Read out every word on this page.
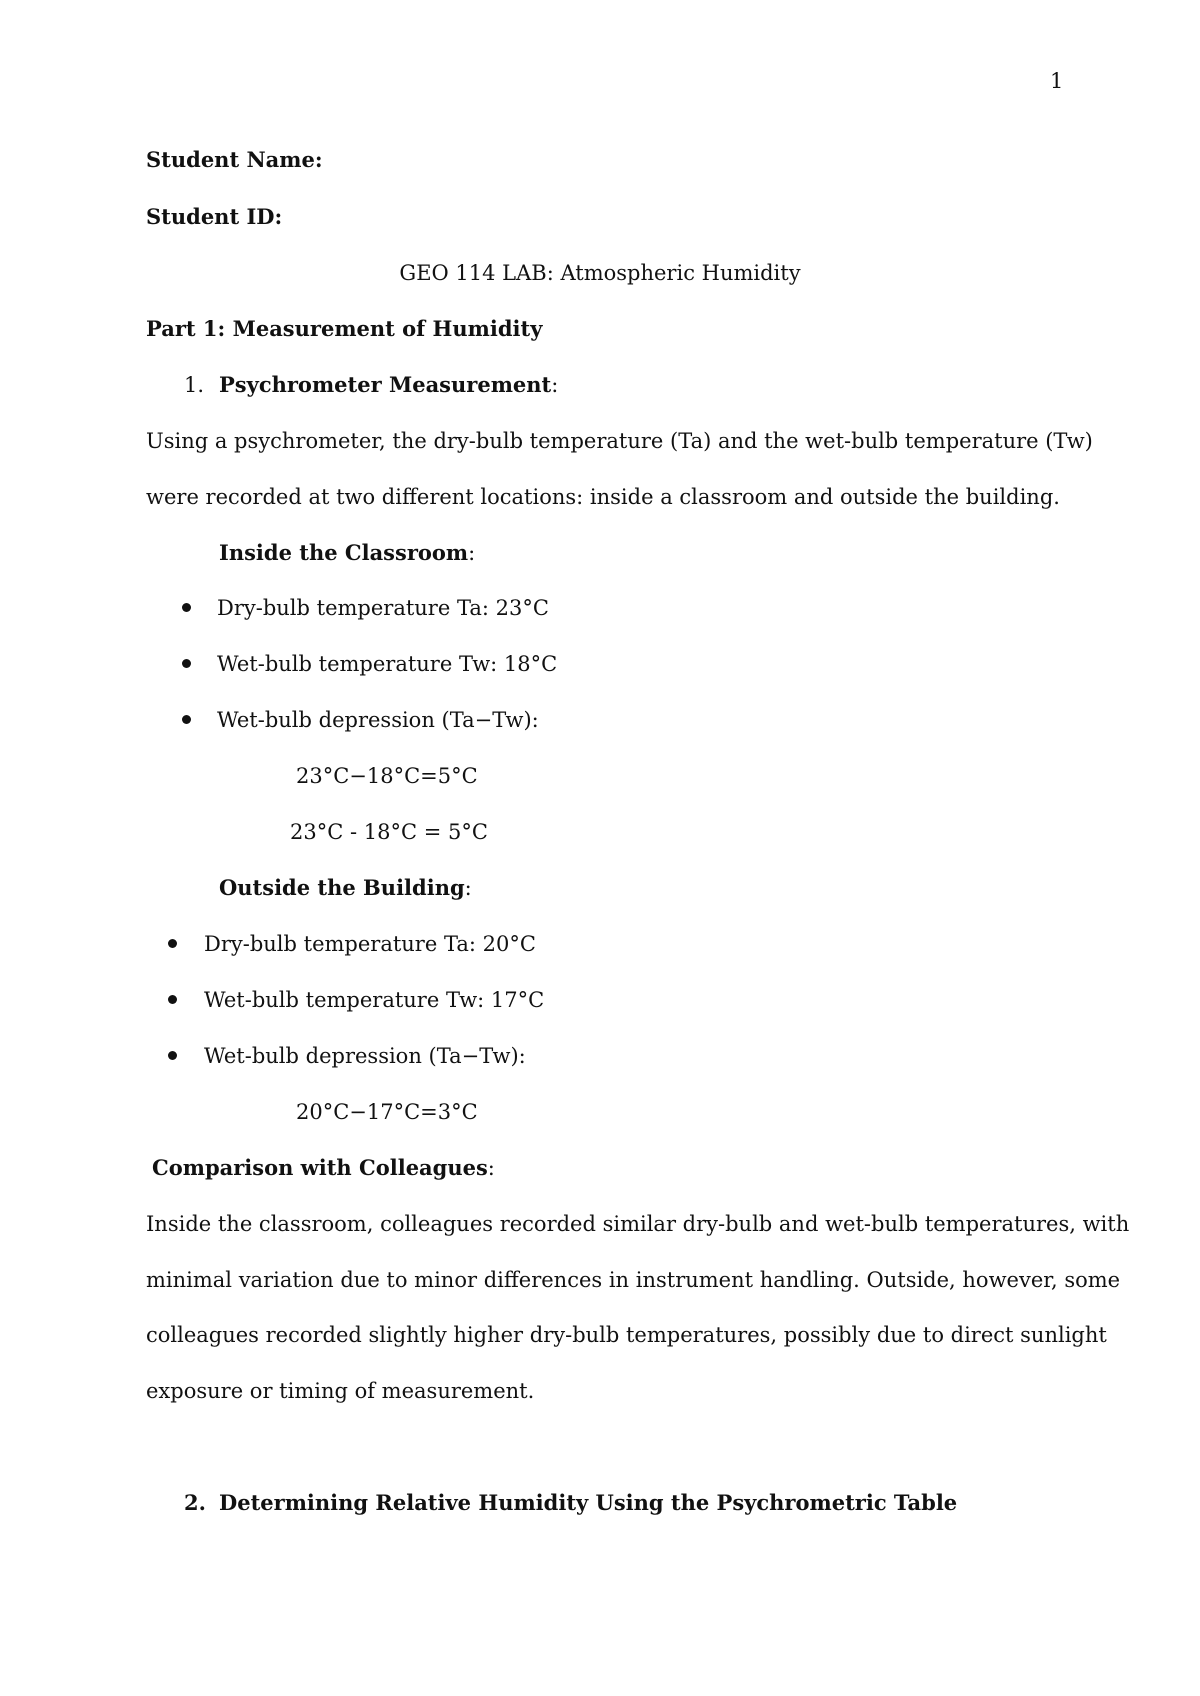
1
Student Name:
Student ID:
GEO 114 LAB: Atmospheric Humidity
Part 1: Measurement of Humidity
1. Psychrometer Measurement:
Using a psychrometer, the dry-bulb temperature (Ta) and the wet-bulb temperature (Tw)
were recorded at two different locations: inside a classroom and outside the building.
Inside the Classroom:
Dry-bulb temperature Ta: 23°C
Wet-bulb temperature Tw: 18°C
Wet-bulb depression (Ta−Tw):
23°C−18°C=5°C
23°C - 18°C = 5°C
Outside the Building:
Dry-bulb temperature Ta: 20°C
Wet-bulb temperature Tw: 17°C
Wet-bulb depression (Ta−Tw):
20°C−17°C=3°C
Comparison with Colleagues:
Inside the classroom, colleagues recorded similar dry-bulb and wet-bulb temperatures, with
minimal variation due to minor differences in instrument handling. Outside, however, some
colleagues recorded slightly higher dry-bulb temperatures, possibly due to direct sunlight
exposure or timing of measurement.
2. Determining Relative Humidity Using the Psychrometric Table
